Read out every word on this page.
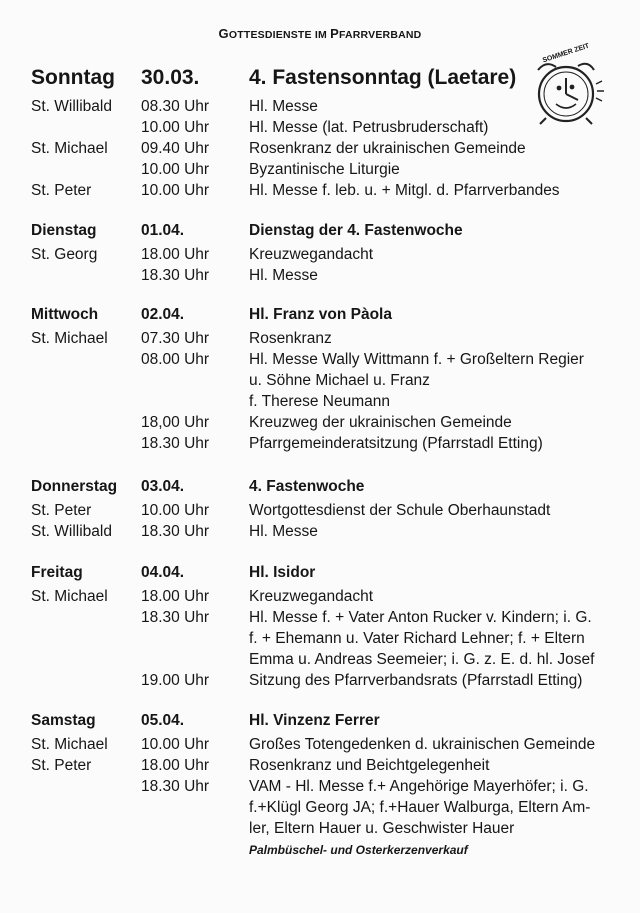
GOTTESDIENSTE IM PFARRVERBAND
SOMMER ZEIT
Sonntag 30.03. 4. Fastensonntag (Laetare)
St. Willibald 08.30 Uhr	Hl. Messe
10.00 Uhr	Hl. Messe (lat. Petrusbruderschaft)
St. Michael 09.40 Uhr	Rosenkranz der ukrainischen Gemeinde
10.00 Uhr	Byzantinische Liturgie
St. Peter	10.00 Uhr	Hl. Messe f. leb. u. + Mitgl. d. Pfarrverbandes
Dienstag	01.04.	Dienstag der 4. Fastenwoche
St. Georg	18.00 Uhr	Kreuzwegandacht
18.30 Uhr	Hl. Messe
Mittwoch	02.04.	Hl. Franz von Pàola
St. Michael 07.30 Uhr	Rosenkranz
08.00 Uhr	Hl. Messe Wally Wittmann f. + Großeltern Regier
u. Söhne Michael u. Franz
f. Therese Neumann
18,00 Uhr	Kreuzweg der ukrainischen Gemeinde
18.30 Uhr	Pfarrgemeinderatsitzung (Pfarrstadl Etting)
Donnerstag 03.04.	4. Fastenwoche
St. Peter	10.00 Uhr	Wortgottesdienst der Schule Oberhaunstadt
St. Willibald 18.30 Uhr	Hl. Messe
Freitag	04.04.	Hl. Isidor
St. Michael 18.00 Uhr	Kreuzwegandacht
18.30 Uhr	Hl. Messe f. + Vater Anton Rucker v. Kindern; i. G.
f. + Ehemann u. Vater Richard Lehner; f. + Eltern
Emma u. Andreas Seemeier; i. G. z. E. d. hl. Josef
19.00 Uhr	Sitzung des Pfarrverbandsrats (Pfarrstadl Etting)
Samstag	05.04.	Hl. Vinzenz Ferrer
St. Michael 10.00 Uhr	Großes Totengedenken d. ukrainischen Gemeinde
St. Peter	18.00 Uhr	Rosenkranz und Beichtgelegenheit
18.30 Uhr	VAM - Hl. Messe f.+ Angehörige Mayerhöfer; i. G.
f.+Klügl Georg JA; f.+Hauer Walburga, Eltern Am-
ler, Eltern Hauer u. Geschwister Hauer
Palmbüschel- und Osterkerzenverkauf
